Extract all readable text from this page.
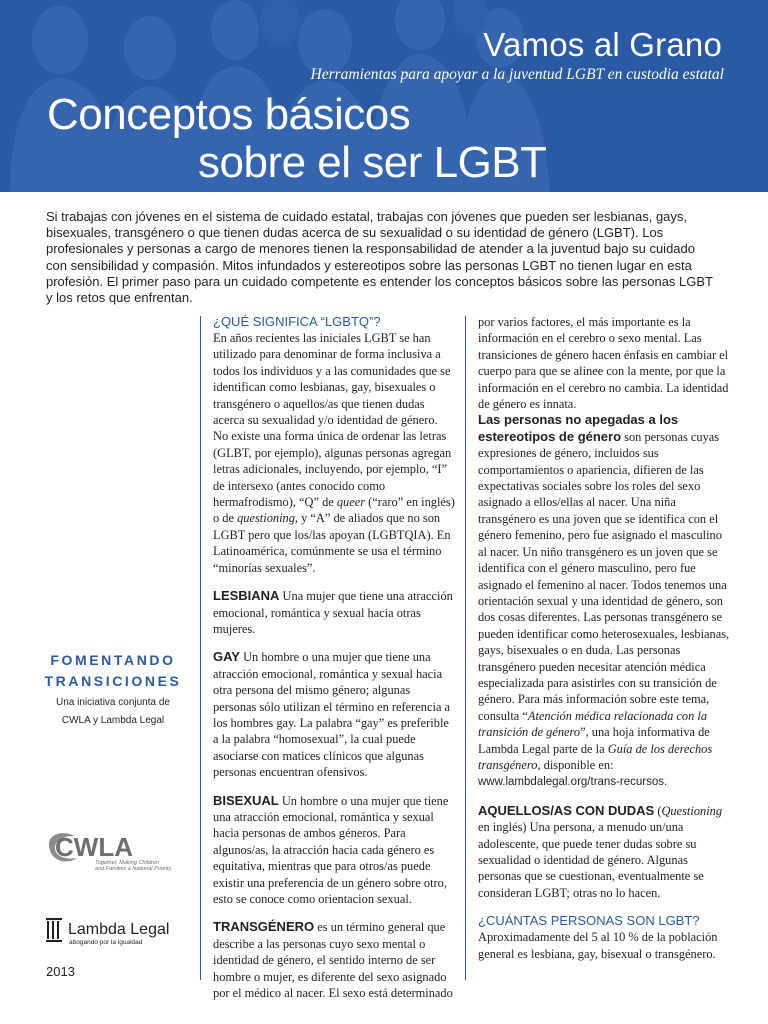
Vamos al Grano
Herramientas para apoyar a la juventud LGBT en custodia estatal
Conceptos básicos
sobre el ser LGBT
Si trabajas con jóvenes en el sistema de cuidado estatal, trabajas con jóvenes que pueden ser lesbianas, gays, bisexuales, transgénero o que tienen dudas acerca de su sexualidad o su identidad de género (LGBT). Los profesionales y personas a cargo de menores tienen la responsabilidad de atender a la juventud bajo su cuidado con sensibilidad y compasión. Mitos infundados y estereotipos sobre las personas LGBT no tienen lugar en esta profesión. El primer paso para un cuidado competente es entender los conceptos básicos sobre las personas LGBT y los retos que enfrentan.
FOMENTANDO
TRANSICIONES
Una iniciativa conjunta de
CWLA y Lambda Legal
CWLA
Together, Making Children
and Families a National Priority
Lambda Legal
abogando por la igualdad
2013

¿QUÉ SIGNIFICA “LGBTQ”?

En años recientes las iniciales LGBT se han utilizado para denominar de forma inclusiva a todos los individuos y a las comunidades que se identifican como lesbianas, gay, bisexuales o transgénero o aquellos/as que tienen dudas acerca su sexualidad y/o identidad de género. No existe una forma única de ordenar las letras (GLBT, por ejemplo), algunas personas agregan letras adicionales, incluyendo, por ejemplo, “I” de intersexo (antes conocido como hermafrodismo), “Q” de queer (“raro” en inglés) o de questioning, y “A” de aliados que no son LGBT pero que los/las apoyan (LGBTQIA). En Latinoamérica, comúnmente se usa el término “minorías sexuales”.

LESBIANA Una mujer que tiene una atracción emocional, romántica y sexual hacia otras mujeres.

GAY Un hombre o una mujer que tiene una atracción emocional, romántica y sexual hacia otra persona del mismo género; algunas personas sólo utilizan el término en referencia a los hombres gay. La palabra “gay” es preferible a la palabra “homosexual”, la cual puede asociarse con matices clínicos que algunas personas encuentran ofensivos.

BISEXUAL Un hombre o una mujer que tiene una atracción emocional, romántica y sexual hacia personas de ambos géneros. Para algunos/as, la atracción hacia cada género es equitativa, mientras que para otros/as puede existir una preferencia de un género sobre otro, esto se conoce como orientacion sexual.

TRANSGÉNERO es un término general que describe a las personas cuyo sexo mental o identidad de género, el sentido interno de ser hombre o mujer, es diferente del sexo asignado por el médico al nacer. El sexo está determinado

por varios factores, el más importante es la información en el cerebro o sexo mental. Las transiciones de género hacen énfasis en cambiar el cuerpo para que se alinee con la mente, por que la información en el cerebro no cambia. La identidad de género es innata.

Las personas no apegadas a los estereotipos de género son personas cuyas expresiones de género, incluidos sus comportamientos o apariencia, difieren de las expectativas sociales sobre los roles del sexo asignado a ellos/ellas al nacer. Una niña transgénero es una joven que se identifica con el género femenino, pero fue asignado el masculino al nacer. Un niño transgénero es un joven que se identifica con el género masculino, pero fue asignado el femenino al nacer. Todos tenemos una orientación sexual y una identidad de género, son dos cosas diferentes. Las personas transgénero se pueden identificar como heterosexuales, lesbianas, gays, bisexuales o en duda. Las personas transgénero pueden necesitar atención médica especializada para asistirles con su transición de género. Para más información sobre este tema, consulta “Atención médica relacionada con la transición de género”, una hoja informativa de Lambda Legal parte de la Guía de los derechos transgénero, disponible en: www.lambdalegal.org/trans-recursos.

AQUELLOS/AS CON DUDAS (Questioning en inglés) Una persona, a menudo un/una adolescente, que puede tener dudas sobre su sexualidad o identidad de género. Algunas personas que se cuestionan, eventualmente se consideran LGBT; otras no lo hacen.

¿CUÁNTAS PERSONAS SON LGBT?

Aproximadamente del 5 al 10 % de la población general es lesbiana, gay, bisexual o transgénero.
